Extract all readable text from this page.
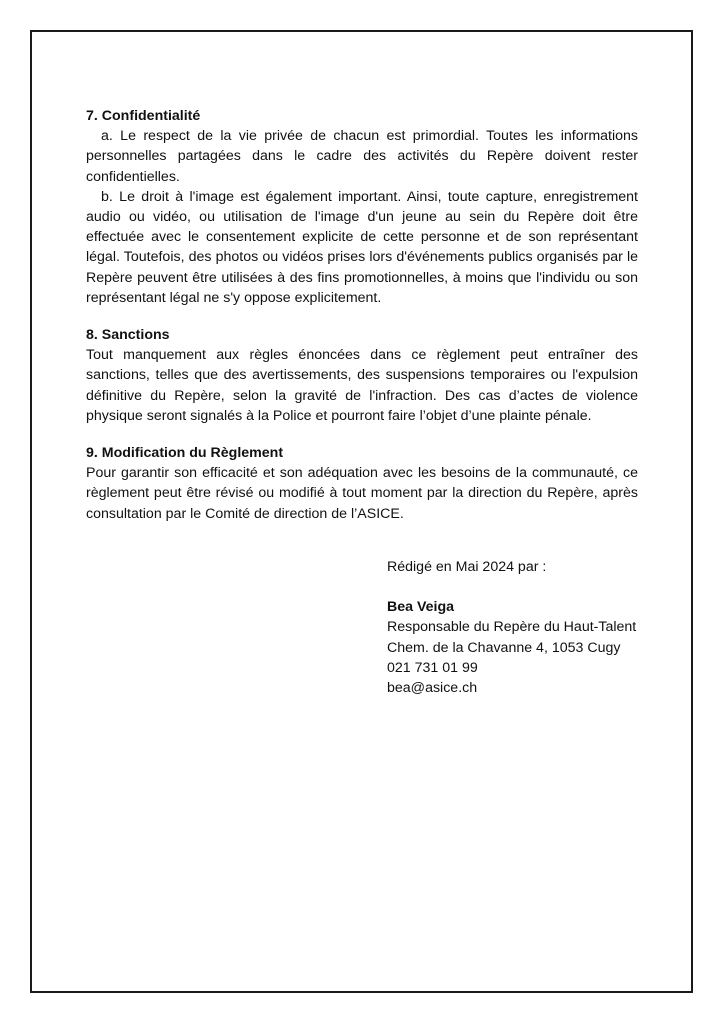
7. Confidentialité

a. Le respect de la vie privée de chacun est primordial. Toutes les informations personnelles partagées dans le cadre des activités du Repère doivent rester confidentielles.

b. Le droit à l'image est également important. Ainsi, toute capture, enregistrement audio ou vidéo, ou utilisation de l'image d'un jeune au sein du Repère doit être effectuée avec le consentement explicite de cette personne et de son représentant légal. Toutefois, des photos ou vidéos prises lors d'événements publics organisés par le Repère peuvent être utilisées à des fins promotionnelles, à moins que l'individu ou son représentant légal ne s'y oppose explicitement.

8. Sanctions

Tout manquement aux règles énoncées dans ce règlement peut entraîner des sanctions, telles que des avertissements, des suspensions temporaires ou l'expulsion définitive du Repère, selon la gravité de l'infraction. Des cas d’actes de violence physique seront signalés à la Police et pourront faire l’objet d’une plainte pénale.

9. Modification du Règlement

Pour garantir son efficacité et son adéquation avec les besoins de la communauté, ce règlement peut être révisé ou modifié à tout moment par la direction du Repère, après consultation par le Comité de direction de l’ASICE.

Rédigé en Mai 2024 par :

Bea Veiga

Responsable du Repère du Haut-Talent

Chem. de la Chavanne 4, 1053 Cugy

021 731 01 99

bea@asice.ch
